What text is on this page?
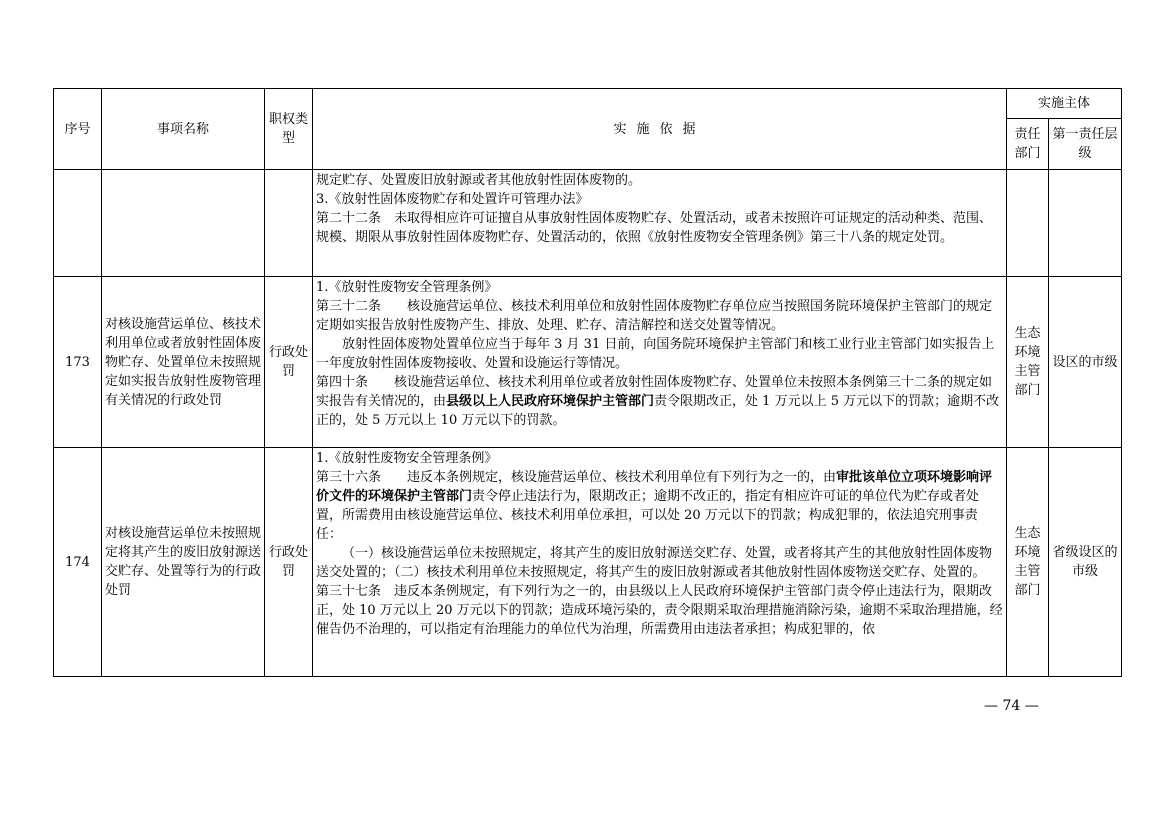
序号	事项名称	职权类型	实施依据	实施主体	
				责任部门	第一责任层级

			规定贮存、处置废旧放射源或者其他放射性固体废物的。

3.《放射性固体废物贮存和处置许可管理办法》

第二十二条　未取得相应许可证擅自从事放射性固体废物贮存、处置活动，或者未按照许可证规定的活动种类、范围、规模、期限从事放射性固体废物贮存、处置活动的，依照《放射性废物安全管理条例》第三十八条的规定处罚。		

173	对核设施营运单位、核技术利用单位或者放射性固体废物贮存、处置单位未按照规定如实报告放射性废物管理有关情况的行政处罚	行政处罚	1.《放射性废物安全管理条例》

第三十二条　　核设施营运单位、核技术利用单位和放射性固体废物贮存单位应当按照国务院环境保护主管部门的规定定期如实报告放射性废物产生、排放、处理、贮存、清洁解控和送交处置等情况。

放射性固体废物处置单位应当于每年 3 月 31 日前，向国务院环境保护主管部门和核工业行业主管部门如实报告上一年度放射性固体废物接收、处置和设施运行等情况。

第四十条　　核设施营运单位、核技术利用单位或者放射性固体废物贮存、处置单位未按照本条例第三十二条的规定如实报告有关情况的，由县级以上人民政府环境保护主管部门责令限期改正，处 1 万元以上 5 万元以下的罚款；逾期不改正的，处 5 万元以上 10 万元以下的罚款。	生态环境主管部门	设区的市级
174	对核设施营运单位未按照规定将其产生的废旧放射源送交贮存、处置等行为的行政处罚	行政处罚	1.《放射性废物安全管理条例》

第三十六条　　违反本条例规定，核设施营运单位、核技术利用单位有下列行为之一的，由审批该单位立项环境影响评价文件的环境保护主管部门责令停止违法行为，限期改正；逾期不改正的，指定有相应许可证的单位代为贮存或者处置，所需费用由核设施营运单位、核技术利用单位承担，可以处 20 万元以下的罚款；构成犯罪的，依法追究刑事责任：

（一）核设施营运单位未按照规定，将其产生的废旧放射源送交贮存、处置，或者将其产生的其他放射性固体废物送交处置的；（二）核技术利用单位未按照规定，将其产生的废旧放射源或者其他放射性固体废物送交贮存、处置的。

第三十七条　违反本条例规定，有下列行为之一的，由县级以上人民政府环境保护主管部门责令停止违法行为，限期改正，处 10 万元以上 20 万元以下的罚款；造成环境污染的，责令限期采取治理措施消除污染，逾期不采取治理措施，经催告仍不治理的，可以指定有治理能力的单位代为治理，所需费用由违法者承担；构成犯罪的，依	生态环境主管部门	省级设区的市级
— 74 —
